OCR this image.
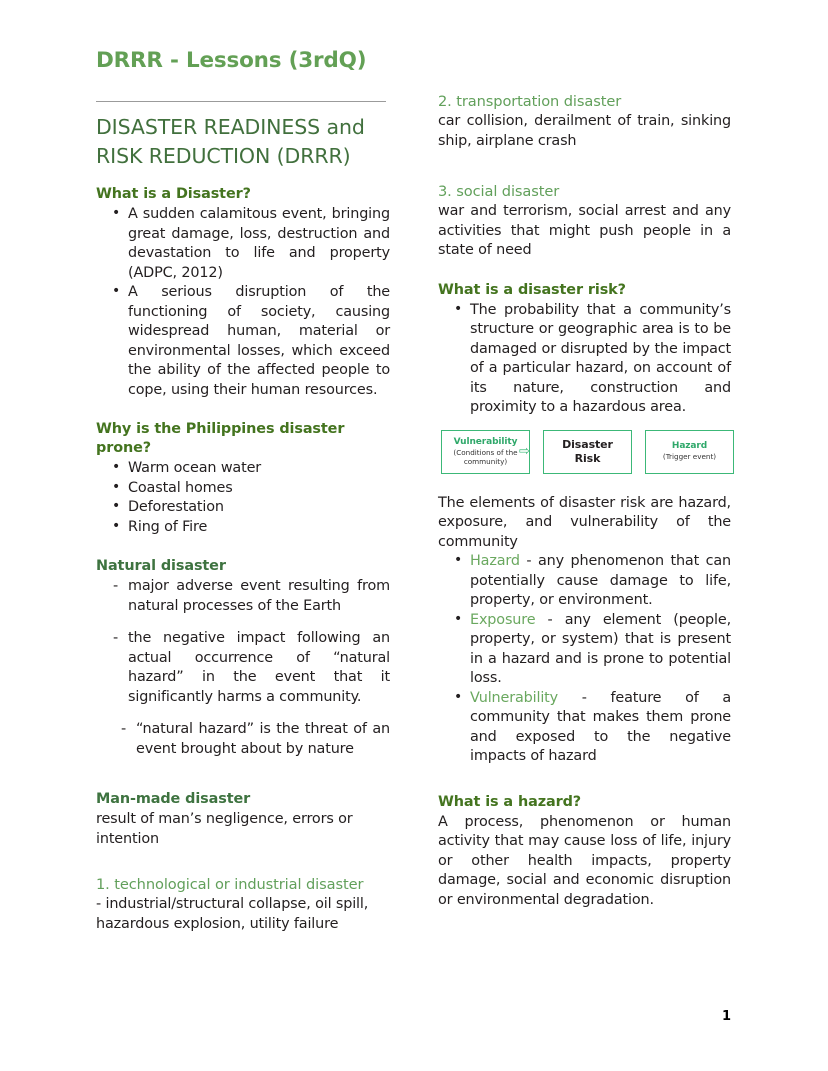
DRRR - Lessons (3rdQ)
DISASTER READINESS and RISK REDUCTION (DRRR)
What is a Disaster?
• A sudden calamitous event, bringing great damage, loss, destruction and devastation to life and property (ADPC, 2012)
• A serious disruption of the functioning of society, causing widespread human, material or environmental losses, which exceed the ability of the affected people to cope, using their human resources.
Why is the Philippines disaster prone?
• Warm ocean water
• Coastal homes
• Deforestation
• Ring of Fire
Natural disaster
- major adverse event resulting from natural processes of the Earth
- the negative impact following an actual occurrence of “natural hazard” in the event that it significantly harms a community.
- “natural hazard” is the threat of an event brought about by nature
Man-made disaster

result of man’s negligence, errors or intention

1. technological or industrial disaster

- industrial/structural collapse, oil spill, hazardous explosion, utility failure

2. transportation disaster

car collision, derailment of train, sinking ship, airplane crash

3. social disaster

war and terrorism, social arrest and any activities that might push people in a state of need

What is a disaster risk?
• The probability that a community’s structure or geographic area is to be damaged or disrupted by the impact of a particular hazard, on account of its nature, construction and proximity to a hazardous area.
Vulnerability
(Conditions of the community)
⇨	Disaster
Risk
Hazard
(Trigger event)

The elements of disaster risk are hazard, exposure, and vulnerability of the community

• Hazard - any phenomenon that can potentially cause damage to life, property, or environment.
• Exposure - any element (people, property, or system) that is present in a hazard and is prone to potential loss.
• Vulnerability - feature of a community that makes them prone and exposed to the negative impacts of hazard
What is a hazard?

A process, phenomenon or human activity that may cause loss of life, injury or other health impacts, property damage, social and economic disruption or environmental degradation.

1
